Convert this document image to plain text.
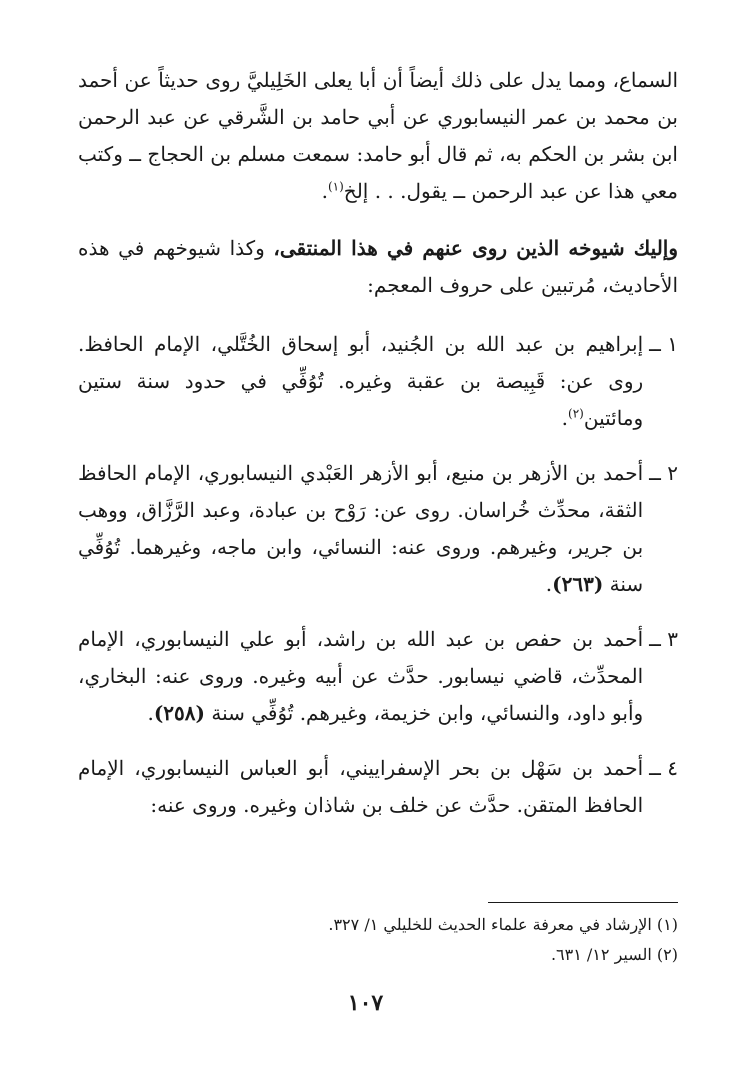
السماع، ومما يدل على ذلك أيضاً أن أبا يعلى الخَلِيليَّ روى حديثاً عن أحمد بن محمد بن عمر النيسابوري عن أبي حامد بن الشَّرقي عن عبد الرحمن ابن بشر بن الحكم به، ثم قال أبو حامد: سمعت مسلم بن الحجاج ــ وكتب معي هذا عن عبد الرحمن ــ يقول. . . إلخ$^{(١)}$.

وإليك شيوخه الذين روى عنهم في هذا المنتقى، وكذا شيوخهم في هذه الأحاديث، مُرتبين على حروف المعجم:

١ ــ
إبراهيم بن عبد الله بن الجُنيد، أبو إسحاق الخُتَّلي، الإمام الحافظ. روى عن: قَبِيصة بن عقبة وغيره. تُوُفِّي في حدود سنة ستين ومائتين$^{(٢)}$.
٢ ــ
أحمد بن الأزهر بن منيع، أبو الأزهر العَبْدي النيسابوري، الإمام الحافظ الثقة، محدِّث خُراسان. روى عن: رَوْح بن عبادة، وعبد الرَّزَّاق، ووهب بن جرير، وغيرهم. وروى عنه: النسائي، وابن ماجه، وغيرهما. تُوُفِّي سنة (٢٦٣).
٣ ــ
أحمد بن حفص بن عبد الله بن راشد، أبو علي النيسابوري، الإمام المحدِّث، قاضي نيسابور. حدَّث عن أبيه وغيره. وروى عنه: البخاري، وأبو داود، والنسائي، وابن خزيمة، وغيرهم. تُوُفِّي سنة (٢٥٨).
٤ ــ
أحمد بن سَهْل بن بحر الإسفراييني، أبو العباس النيسابوري، الإمام الحافظ المتقن. حدَّث عن خلف بن شاذان وغيره. وروى عنه:

(١) الإرشاد في معرفة علماء الحديث للخليلي ١/ ٣٢٧.

(٢) السير ١٢/ ٦٣١.

١٠٧
